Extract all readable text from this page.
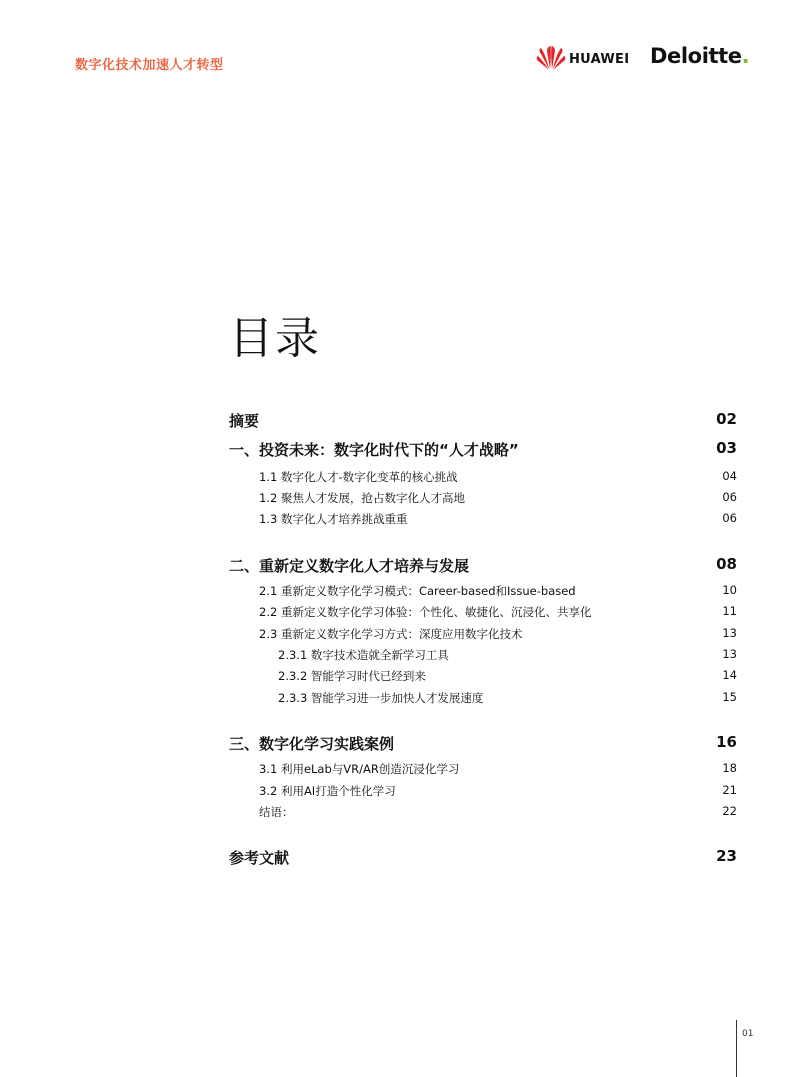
数字化技术加速人才转型	HUAWEI Deloitte.
目录
摘要	02
一、投资未来：数字化时代下的“人才战略”	03
1.1 数字化人才-数字化变革的核心挑战	04
1.2 聚焦人才发展，抢占数字化人才高地	06
1.3 数字化人才培养挑战重重	06
二、重新定义数字化人才培养与发展	08
2.1 重新定义数字化学习模式：Career-based和Issue-based	10
2.2 重新定义数字化学习体验：个性化、敏捷化、沉浸化、共享化	11
2.3 重新定义数字化学习方式：深度应用数字化技术	13
2.3.1 数字技术造就全新学习工具	13
2.3.2 智能学习时代已经到来	14
2.3.3 智能学习进一步加快人才发展速度	15
三、数字化学习实践案例	16
3.1 利用eLab与VR/AR创造沉浸化学习	18
3.2 利用AI打造个性化学习	21
结语：	22
参考文献	23
01
